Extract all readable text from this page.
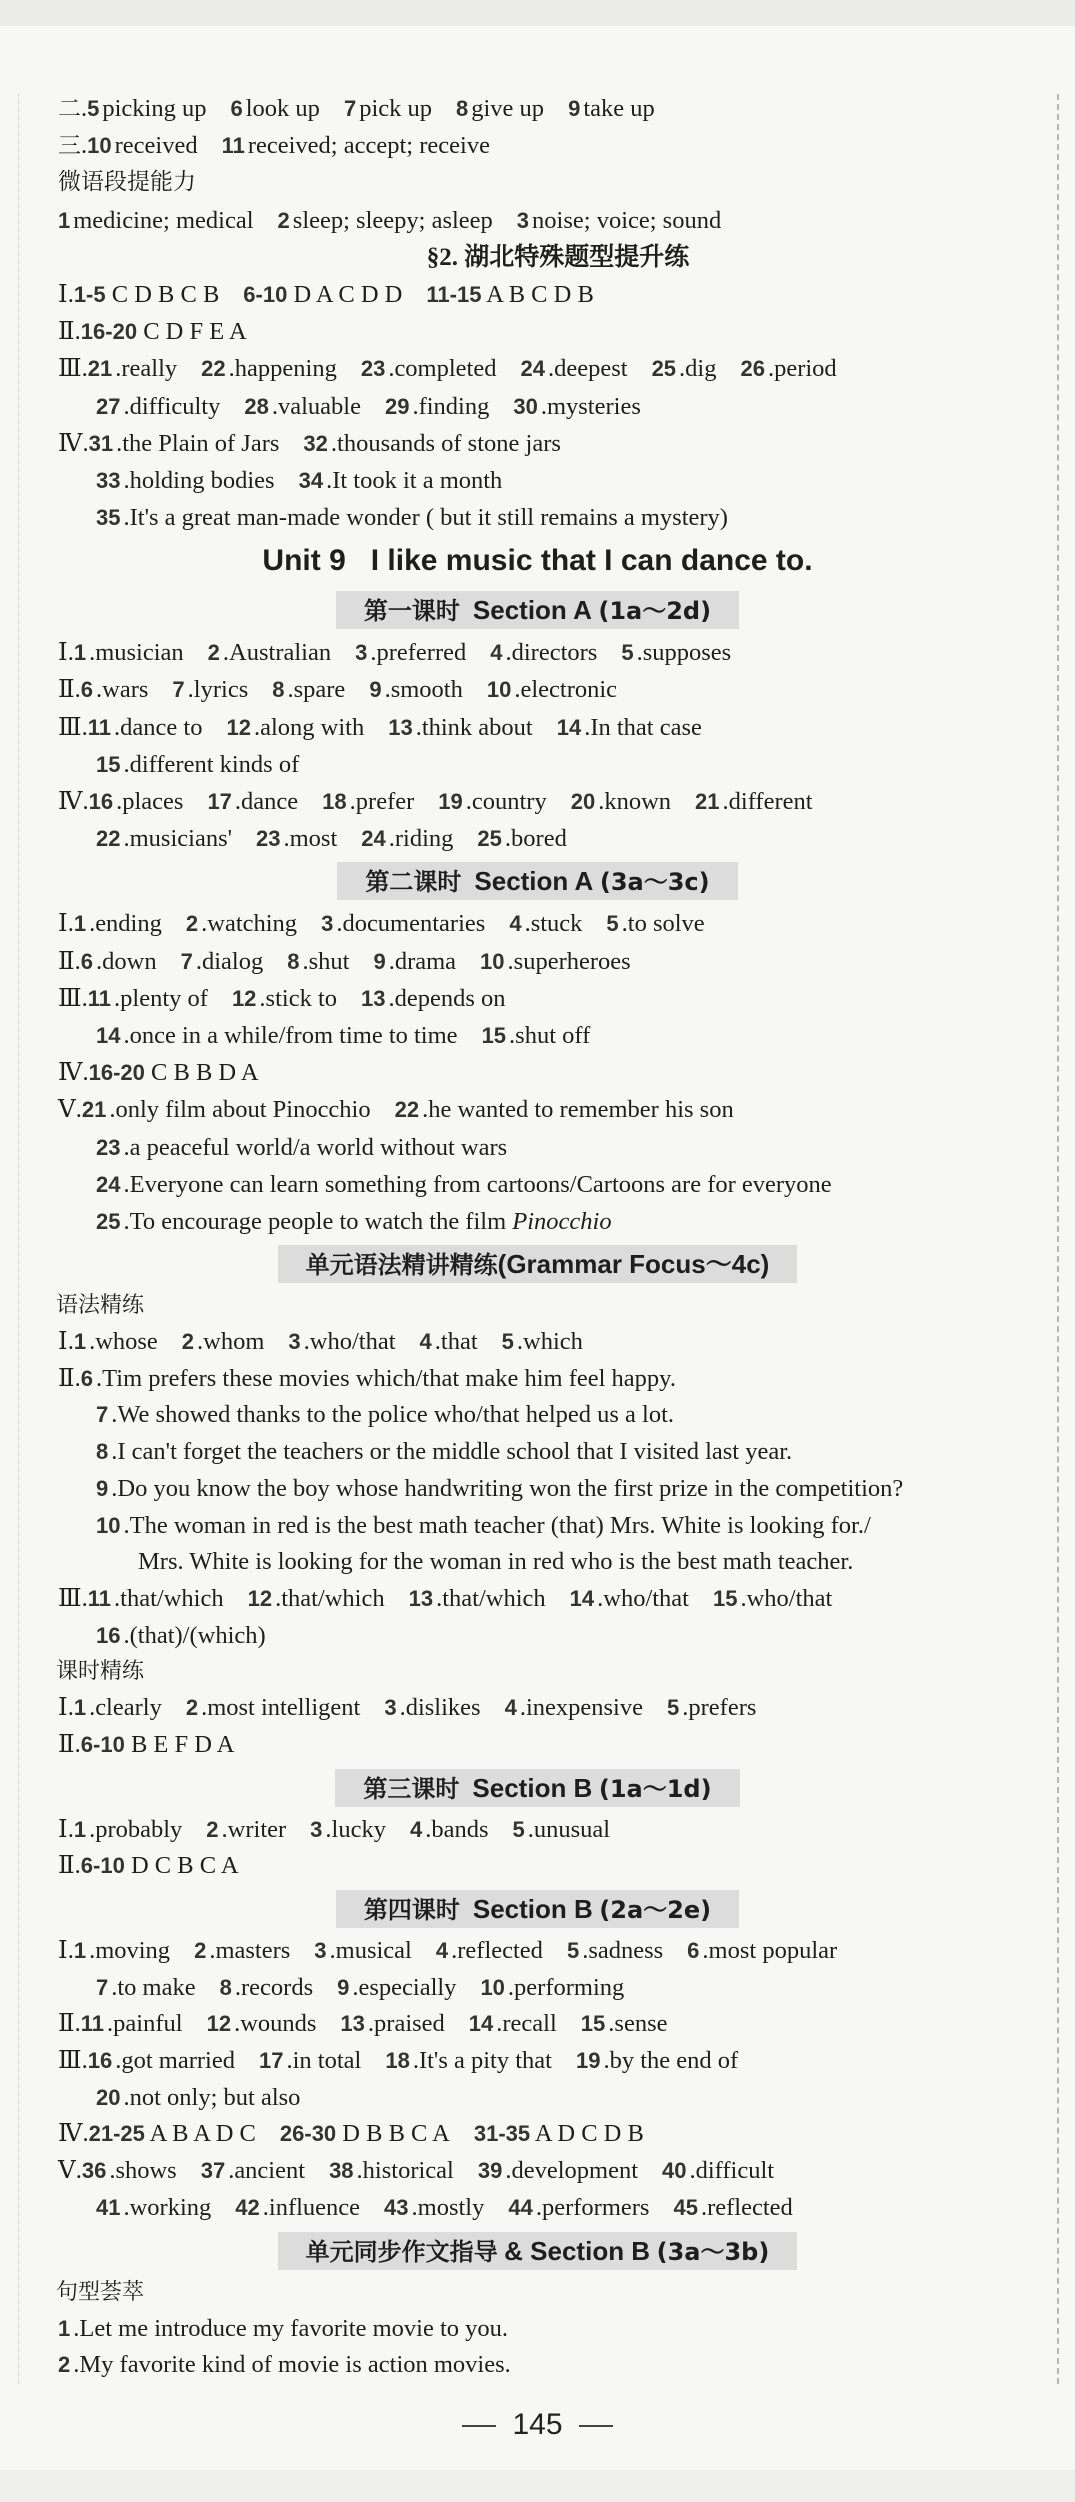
二.5 picking up 6 look up 7 pick up 8 give up 9 take up
三.10 received 11 received; accept; receive
微语段提能力
1 medicine; medical 2 sleep; sleepy; asleep 3 noise; voice; sound
§2. 湖北特殊题型提升练
Ⅰ.1-5 C D B C B 6-10 D A C D D 11-15 A B C D B
Ⅱ.16-20 C D F E A
Ⅲ.21 .really 22 .happening 23 .completed 24 .deepest 25 .dig 26 .period
27 .difficulty 28 .valuable 29 .finding 30 .mysteries
Ⅳ.31 .the Plain of Jars 32 .thousands of stone jars
33 .holding bodies 34 .It took it a month
35 .It's a great man-made wonder ( but it still remains a mystery)
Unit 9   I like music that I can dance to.
第一课时 Section A (1a～2d)
Ⅰ.1 .musician 2 .Australian 3 .preferred 4 .directors 5 .supposes
Ⅱ.6 .wars 7 .lyrics 8 .spare 9 .smooth 10 .electronic
Ⅲ.11 .dance to 12 .along with 13 .think about 14 .In that case
15 .different kinds of
Ⅳ.16 .places 17 .dance 18 .prefer 19 .country 20 .known 21 .different
22 .musicians' 23 .most 24 .riding 25 .bored
第二课时 Section A (3a～3c)
Ⅰ.1 .ending 2 .watching 3 .documentaries 4 .stuck 5 .to solve
Ⅱ.6 .down 7 .dialog 8 .shut 9 .drama 10 .superheroes
Ⅲ.11 .plenty of 12 .stick to 13 .depends on
14 .once in a while/from time to time 15 .shut off
Ⅳ.16-20 C B B D A
Ⅴ.21 .only film about Pinocchio 22 .he wanted to remember his son
23 .a peaceful world/a world without wars
24 .Everyone can learn something from cartoons/Cartoons are for everyone
25 .To encourage people to watch the film Pinocchio
单元语法精讲精练(Grammar Focus～4c)
语法精练
Ⅰ.1 .whose 2 .whom 3 .who/that 4 .that 5 .which
Ⅱ.6 .Tim prefers these movies which/that make him feel happy.
7 .We showed thanks to the police who/that helped us a lot.
8 .I can't forget the teachers or the middle school that I visited last year.
9 .Do you know the boy whose handwriting won the first prize in the competition?
10 .The woman in red is the best math teacher (that) Mrs. White is looking for./
Mrs. White is looking for the woman in red who is the best math teacher.
Ⅲ.11 .that/which 12 .that/which 13 .that/which 14 .who/that 15 .who/that
16 .(that)/(which)
课时精练
Ⅰ.1 .clearly 2 .most intelligent 3 .dislikes 4 .inexpensive 5 .prefers
Ⅱ.6-10 B E F D A
第三课时 Section B (1a～1d)
Ⅰ.1 .probably 2 .writer 3 .lucky 4 .bands 5 .unusual
Ⅱ.6-10 D C B C A
第四课时 Section B (2a～2e)
Ⅰ.1 .moving 2 .masters 3 .musical 4 .reflected 5 .sadness 6 .most popular
7 .to make 8 .records 9 .especially 10 .performing
Ⅱ.11 .painful 12 .wounds 13 .praised 14 .recall 15 .sense
Ⅲ.16 .got married 17 .in total 18 .It's a pity that 19 .by the end of
20 .not only; but also
Ⅳ.21-25 A B A D C 26-30 D B B C A 31-35 A D C D B
Ⅴ.36 .shows 37 .ancient 38 .historical 39 .development 40 .difficult
41 .working 42 .influence 43 .mostly 44 .performers 45 .reflected
单元同步作文指导 & Section B (3a～3b)
句型荟萃
1 .Let me introduce my favorite movie to you.
2 .My favorite kind of movie is action movies.
145
